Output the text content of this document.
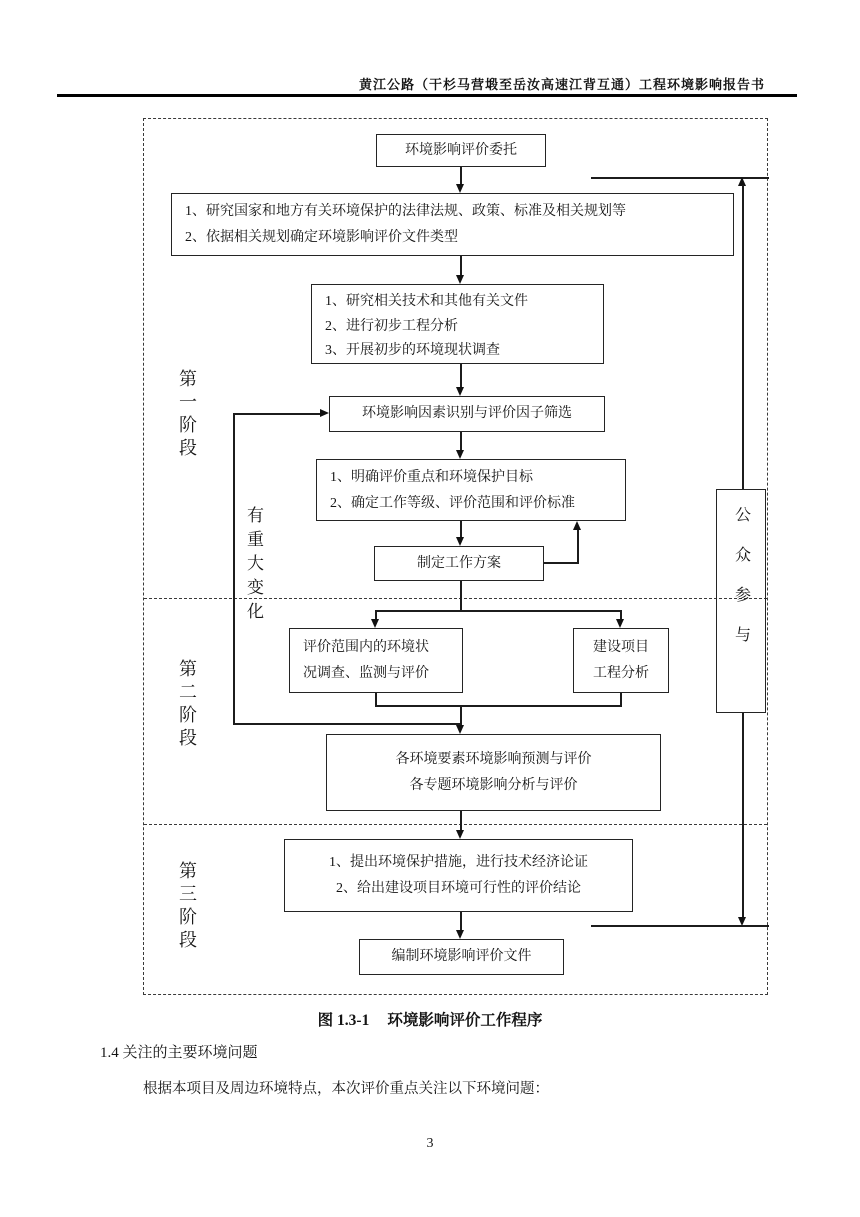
黄江公路（干杉马营塅至岳汝高速江背互通）工程环境影响报告书
第一阶段
第二阶段
第三阶段
环境影响评价委托
1、研究国家和地方有关环境保护的法律法规、政策、标准及相关规划等
2、依据相关规划确定环境影响评价文件类型
1、研究相关技术和其他有关文件
2、进行初步工程分析
3、开展初步的环境现状调查
环境影响因素识别与评价因子筛选
1、明确评价重点和环境保护目标
2、确定工作等级、评价范围和评价标准
制定工作方案
评价范围内的环境状
况调查、监测与评价
建设项目
工程分析
各环境要素环境影响预测与评价
各专题环境影响分析与评价
1、提出环境保护措施，进行技术经济论证
2、给出建设项目环境可行性的评价结论
编制环境影响评价文件
有重大变化	公众参与
图 1.3-1 环境影响评价工作程序
1.4 关注的主要环境问题
根据本项目及周边环境特点，本次评价重点关注以下环境问题：
3
